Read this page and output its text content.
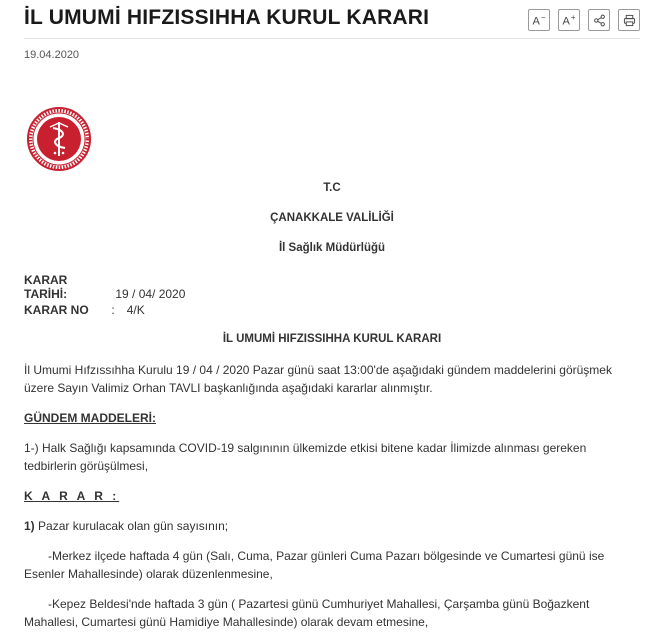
İL UMUMİ HIFZISSIHHA KURUL KARARI	A− A+
19.04.2020
T.C
ÇANAKKALE VALİLİĞİ
İl Sağlık Müdürlüğü
KARAR TARİHİ:	19 / 04/ 2020
KARAR NO : 4/K
İL UMUMİ HIFZISSIHHA KURUL KARARI
İl Umumi Hıfzıssıhha Kurulu 19 / 04 / 2020 Pazar günü saat 13:00'de aşağıdaki gündem maddelerini görüşmek üzere Sayın Valimiz Orhan TAVLI başkanlığında aşağıdaki kararlar alınmıştır.
GÜNDEM MADDELERİ:
1-) Halk Sağlığı kapsamında COVID-19 salgınının ülkemizde etkisi bitene kadar İlimizde alınması gereken tedbirlerin görüşülmesi,
K A R A R :
1) Pazar kurulacak olan gün sayısının;
-Merkez ilçede haftada 4 gün (Salı, Cuma, Pazar günleri Cuma Pazarı bölgesinde ve Cumartesi günü ise Esenler Mahallesinde) olarak düzenlenmesine,
-Kepez Beldesi'nde haftada 3 gün ( Pazartesi günü Cumhuriyet Mahallesi, Çarşamba günü Boğazkent Mahallesi, Cumartesi günü Hamidiye Mahallesinde) olarak devam etmesine,
